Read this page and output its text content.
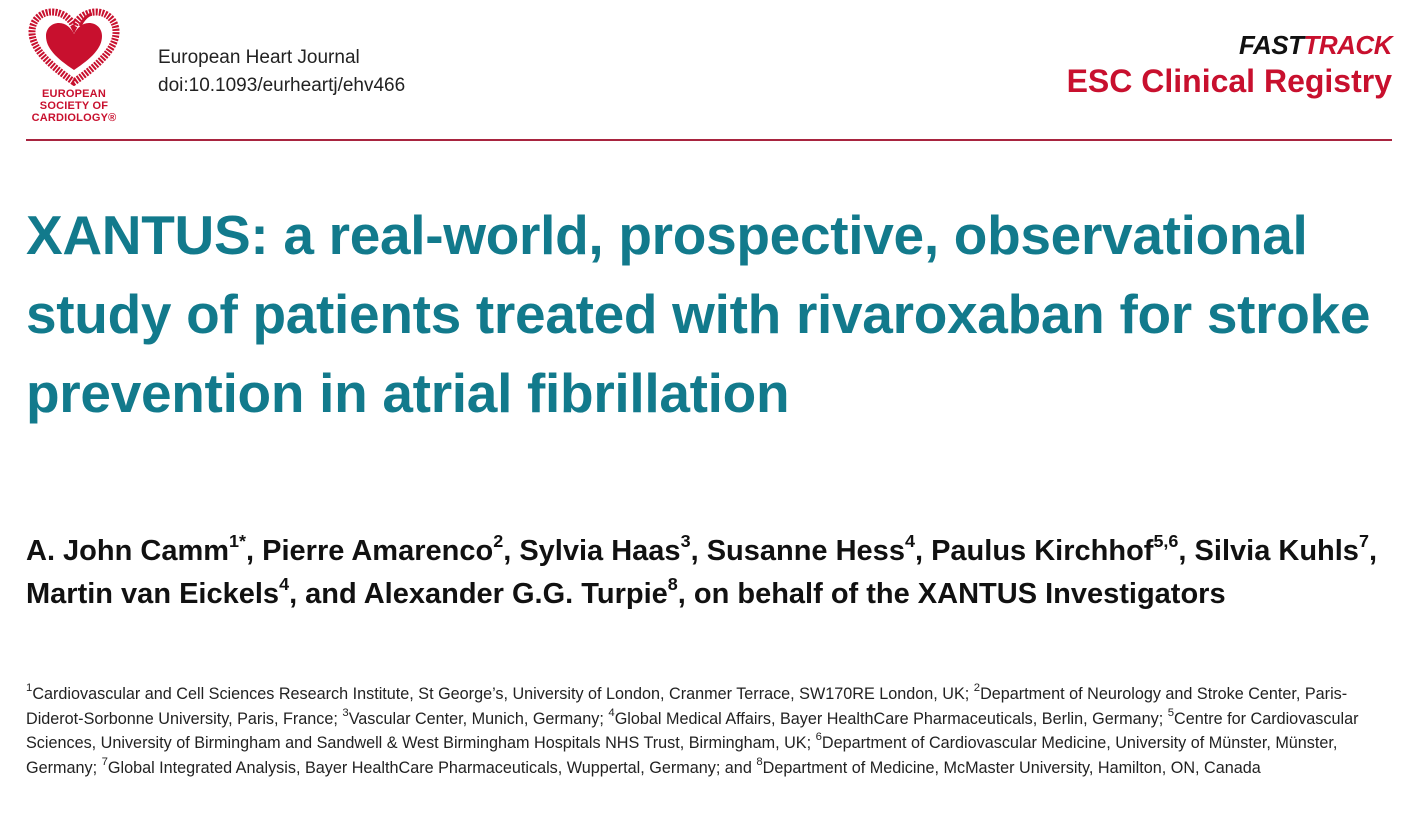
EUROPEAN
SOCIETY OF
CARDIOLOGY®
European Heart Journal
doi:10.1093/eurheartj/ehv466
FASTTRACK
ESC Clinical Registry
XANTUS: a real-world, prospective, observational study of patients treated with rivaroxaban for stroke prevention in atrial fibrillation
A. John Camm$^{1*}$, Pierre Amarenco$^2$, Sylvia Haas$^3$, Susanne Hess$^4$, Paulus Kirchhof$^{5,6}$, Silvia Kuhls$^7$, Martin van Eickels$^4$, and Alexander G.G. Turpie$^8$, on behalf of the XANTUS Investigators
$^1$Cardiovascular and Cell Sciences Research Institute, St George’s, University of London, Cranmer Terrace, SW170RE London, UK; $^2$Department of Neurology and Stroke Center, Paris-Diderot-Sorbonne University, Paris, France; $^3$Vascular Center, Munich, Germany; $^4$Global Medical Affairs, Bayer HealthCare Pharmaceuticals, Berlin, Germany; $^5$Centre for Cardiovascular Sciences, University of Birmingham and Sandwell & West Birmingham Hospitals NHS Trust, Birmingham, UK; $^6$Department of Cardiovascular Medicine, University of Münster, Münster, Germany; $^7$Global Integrated Analysis, Bayer HealthCare Pharmaceuticals, Wuppertal, Germany; and $^8$Department of Medicine, McMaster University, Hamilton, ON, Canada
